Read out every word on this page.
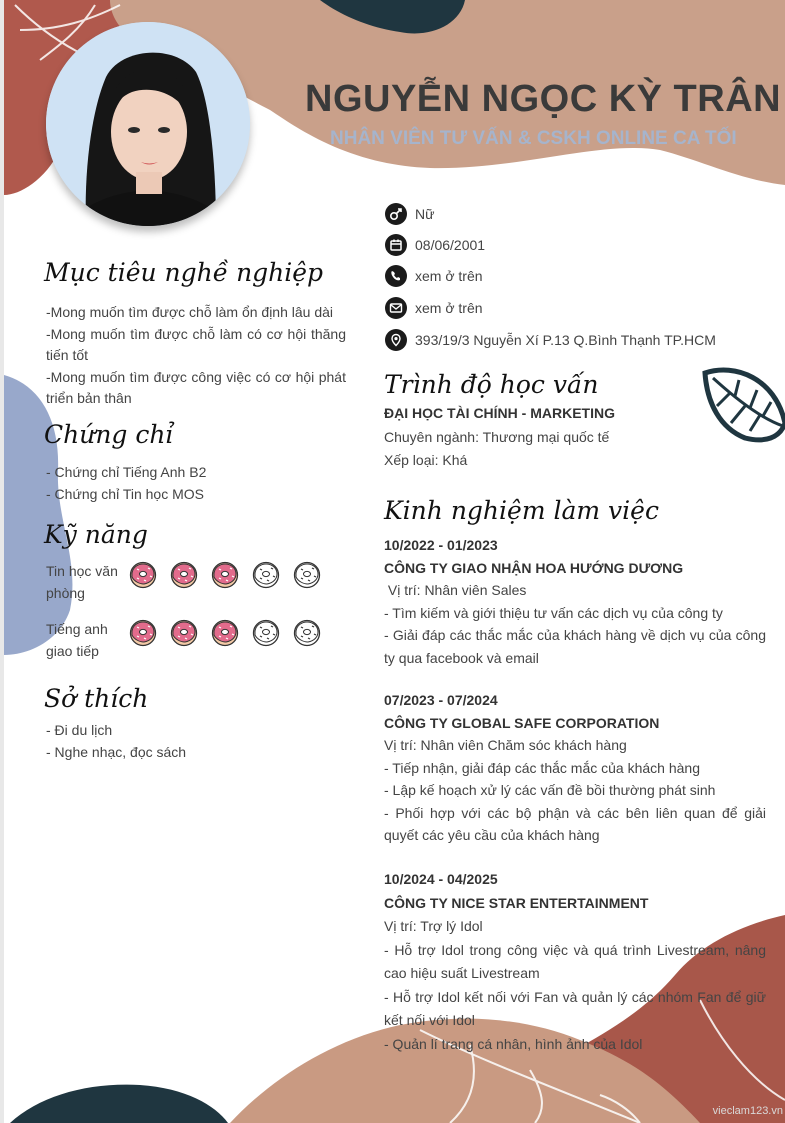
NGUYỄN NGỌC KỲ TRÂN
NHÂN VIÊN TƯ VẤN & CSKH ONLINE CA TỐI
Nữ
08/06/2001
xem ở trên
xem ở trên
393/19/3 Nguyễn Xí P.13 Q.Bình Thạnh TP.HCM
Mục tiêu nghề nghiệp
-Mong muốn tìm được chỗ làm ổn định lâu dài
-Mong muốn tìm được chỗ làm có cơ hội thăng tiến tốt
-Mong muốn tìm được công việc có cơ hội phát triển bản thân
Chứng chỉ
- Chứng chỉ Tiếng Anh B2
- Chứng chỉ Tin học MOS
Kỹ năng
Tin học văn phòng
Tiếng anh giao tiếp
Sở thích
- Đi du lịch
- Nghe nhạc, đọc sách
Trình độ học vấn
ĐẠI HỌC TÀI CHÍNH - MARKETING
Chuyên ngành: Thương mại quốc tế
Xếp loại: Khá
Kinh nghiệm làm việc
10/2022 - 01/2023
CÔNG TY GIAO NHẬN HOA HƯỚNG DƯƠNG
Vị trí: Nhân viên Sales
- Tìm kiếm và giới thiệu tư vấn các dịch vụ của công ty
- Giải đáp các thắc mắc của khách hàng về dịch vụ của công ty qua facebook và email
07/2023 - 07/2024
CÔNG TY GLOBAL SAFE CORPORATION
Vị trí: Nhân viên Chăm sóc khách hàng
- Tiếp nhận, giải đáp các thắc mắc của khách hàng
- Lập kế hoạch xử lý các vấn đề bồi thường phát sinh
- Phối hợp với các bộ phận và các bên liên quan để giải quyết các yêu cầu của khách hàng
10/2024 - 04/2025
CÔNG TY NICE STAR ENTERTAINMENT
Vị trí: Trợ lý Idol
- Hỗ trợ Idol trong công việc và quá trình Livestream, nâng cao hiệu suất Livestream
- Hỗ trợ Idol kết nối với Fan và quản lý các nhóm Fan để giữ kết nối với Idol
- Quản lí trang cá nhân, hình ảnh của Idol
vieclam123.vn
